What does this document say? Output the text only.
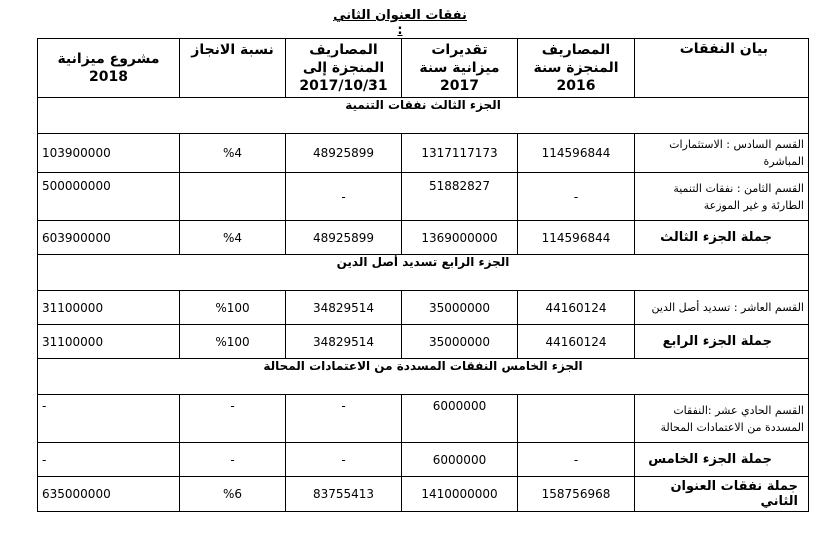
نفقات العنوان الثاني :
بيان النفقات	المصاريف المنجزة سنة 2016	تقديرات ميزانية سنة 2017	المصاريف المنجزة إلى 2017/10/31	نسبة الانجاز	مشروع ميزانية 2018
الجزء الثالث نفقات التنمية					
القسم السادس : الاستثمارات المباشرة	114596844	1317117173	48925899	%4	103900000
القسم الثامن : نفقات التنمية الطارئة و غير الموزعة	-	51882827	-		500000000
جملة الجزء الثالث	114596844	1369000000	48925899	%4	603900000
الجزء الرابع تسديد أصل الدين					
القسم العاشر : تسديد أصل الدين	44160124	35000000	34829514	%100	31100000
جملة الجزء الرابع	44160124	35000000	34829514	%100	31100000
الجزء الخامس النفقات المسددة من الاعتمادات المحالة					
القسم الحادي عشر :النفقات المسددة من الاعتمادات المحالة		6000000	-	-	-
جملة الجزء الخامس	-	6000000	-	-	-
جملة نفقات العنوان الثاني	158756968	1410000000	83755413	%6	635000000
